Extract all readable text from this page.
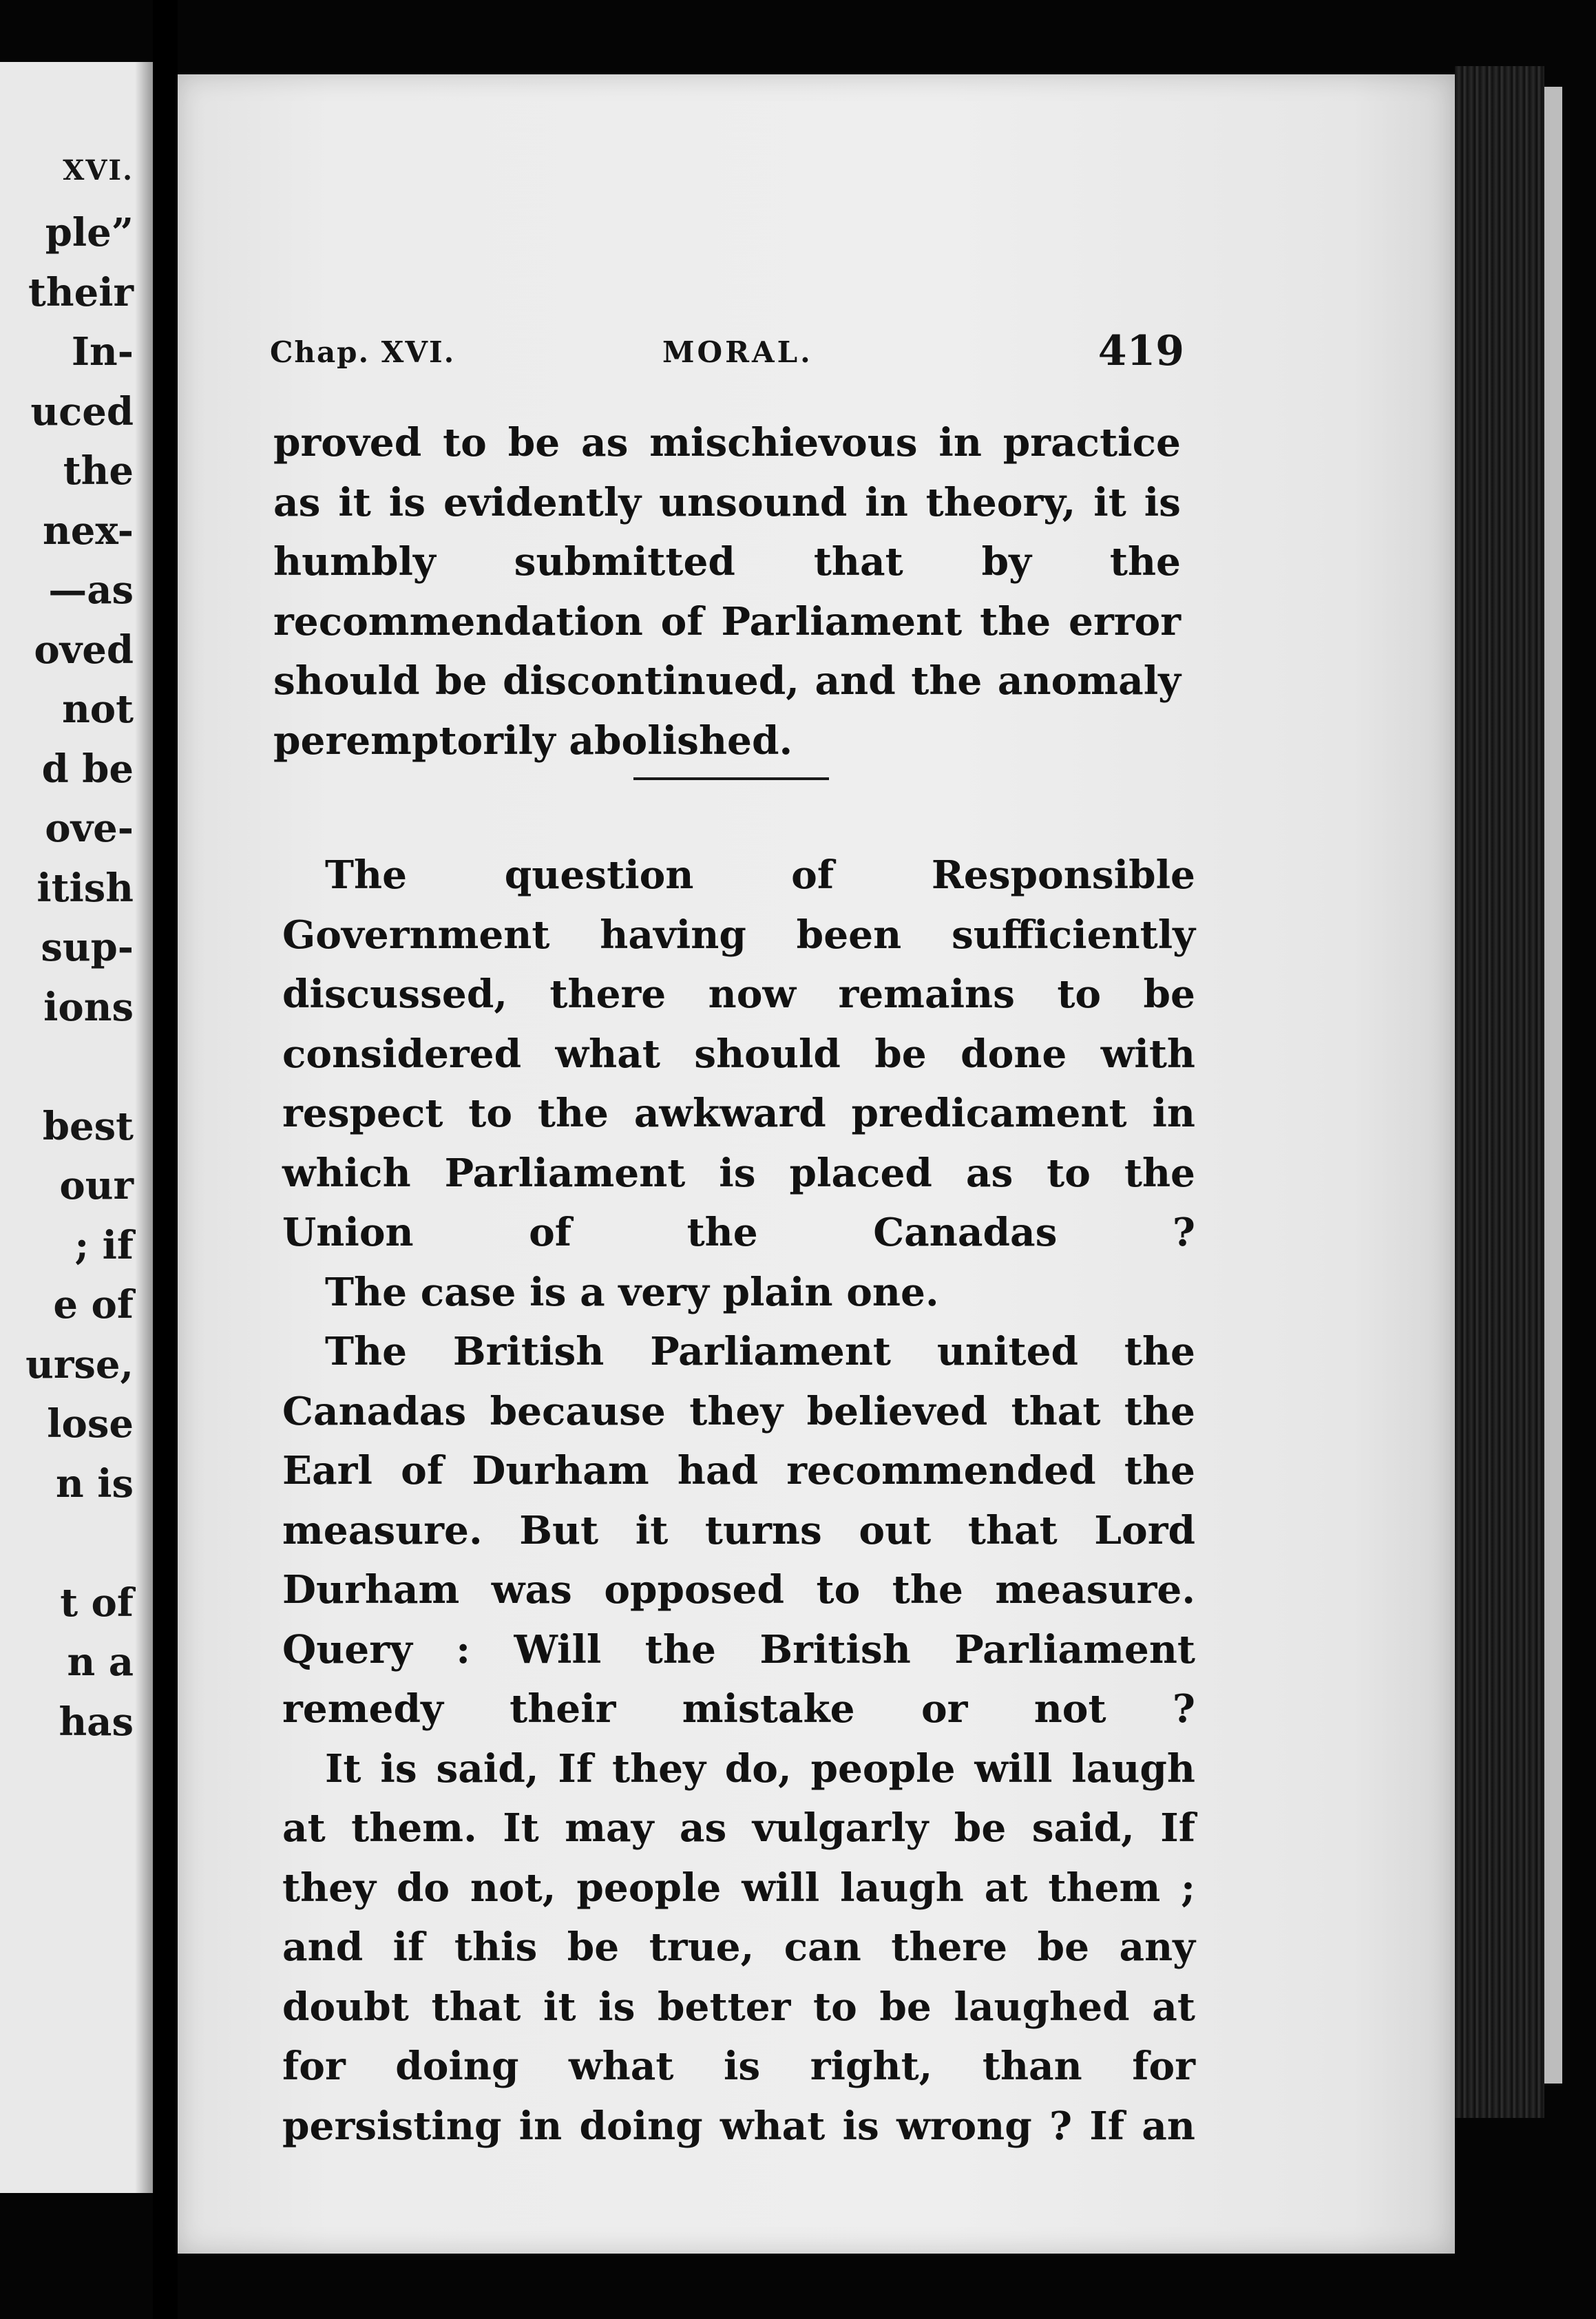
XVI.
ple”
their
In-
uced
the
nex-
—as
oved
not
d be
ove-
itish
sup-
ions
best
our
; if
e of
urse,
lose
n is
t of
n a
has
Chap. XVI.	MORAL.	419

proved to be as mischievous in practice as it is evidently unsound in theory, it is humbly submitted that by the recommendation of Parliament the error should be discontinued, and the anomaly peremptorily abolished.

The question of Responsible Government having been sufficiently discussed, there now remains to be considered what should be done with respect to the awkward predicament in which Parliament is placed as to the Union of the Canadas ?

The case is a very plain one.

The British Parliament united the Canadas because they believed that the Earl of Durham had recommended the measure. But it turns out that Lord Durham was opposed to the measure. Query : Will the British Parliament remedy their mistake or not ?

It is said, If they do, people will laugh at them. It may as vulgarly be said, If they do not, people will laugh at them ; and if this be true, can there be any doubt that it is better to be laughed at for doing what is right, than for persisting in doing what is wrong ? If an
